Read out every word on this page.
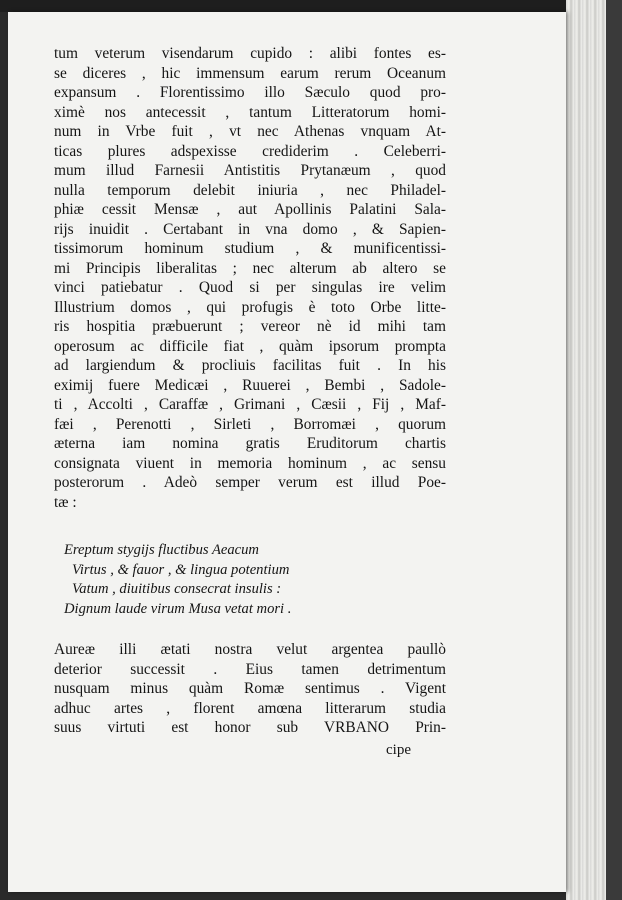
tum veterum visendarum cupido : alibi fontes es-
se diceres , hic immensum earum rerum Oceanum
expansum . Florentissimo illo Sæculo quod pro-
ximè nos antecessit , tantum Litteratorum homi-
num in Vrbe fuit , vt nec Athenas vnquam At-
ticas plures adspexisse crediderim . Celeberri-
mum illud Farnesii Antistitis Prytanæum , quod
nulla temporum delebit iniuria , nec Philadel-
phiæ cessit Mensæ , aut Apollinis Palatini Sala-
rijs inuidit . Certabant in vna domo , & Sapien-
tissimorum hominum studium , & munificentissi-
mi Principis liberalitas ; nec alterum ab altero se
vinci patiebatur . Quod si per singulas ire velim
Illustrium domos , qui profugis è toto Orbe litte-
ris hospitia præbuerunt ; vereor nè id mihi tam
operosum ac difficile fiat , quàm ipsorum prompta
ad largiendum & procliuis facilitas fuit . In his
eximij fuere Medicæi , Ruuerei , Bembi , Sadole-
ti , Accolti , Caraffæ , Grimani , Cæsii , Fij , Maf-
fæi , Perenotti , Sirleti , Borromæi , quorum
æterna iam nomina gratis Eruditorum chartis
consignata viuent in memoria hominum , ac sensu
posterorum . Adeò semper verum est illud Poe-
tæ :
Ereptum stygijs fluctibus Aeacum
Virtus , & fauor , & lingua potentium
Vatum , diuitibus consecrat insulis :
Dignum laude virum Musa vetat mori .
Aureæ illi ætati nostra velut argentea paullò
deterior successit . Eius tamen detrimentum
nusquam minus quàm Romæ sentimus . Vigent
adhuc artes , florent amœna litterarum studia
suus virtuti est honor sub VRBANO Prin-
cipe
